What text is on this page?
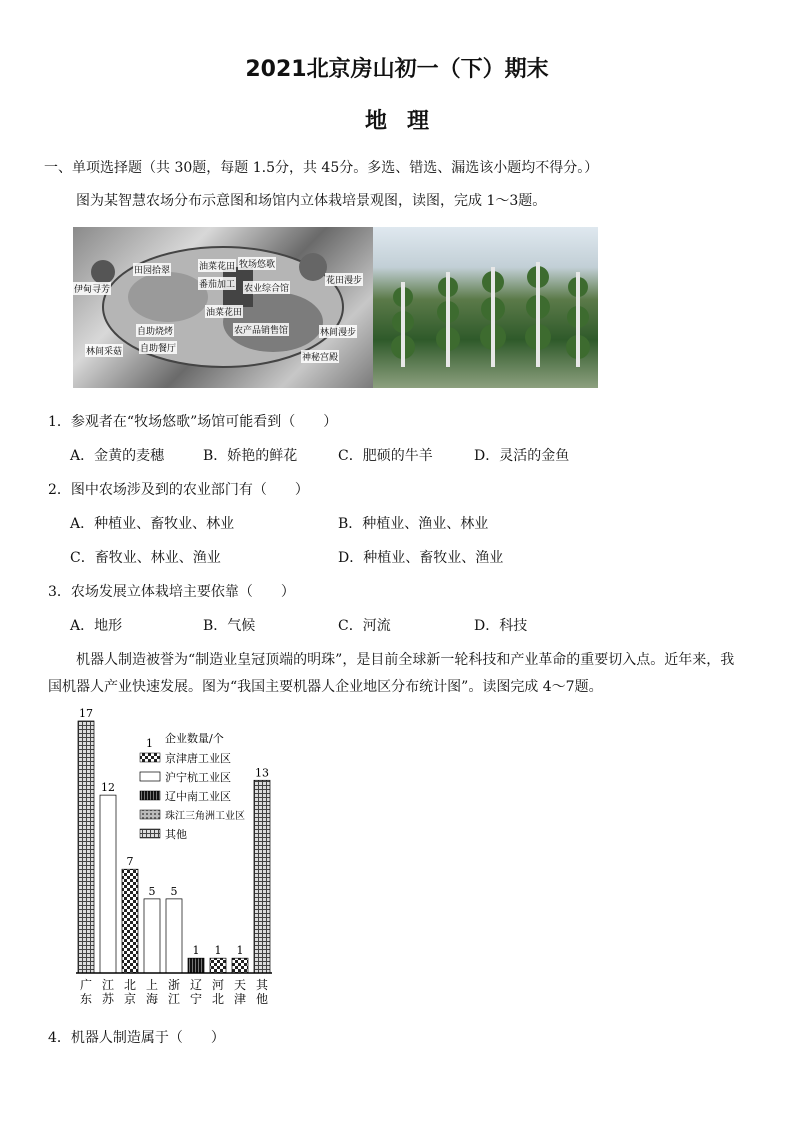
2021北京房山初一（下）期末
地 理
一、单项选择题（共 30题，每题 1.5分，共 45分。多选、错选、漏选该小题均不得分。）
图为某智慧农场分布示意图和场馆内立体栽培景观图，读图，完成 1～3题。
田园拾翠	油菜花田 牧场悠歌
花田漫步
伊甸寻芳	番茄加工 农业综合馆
油菜花田
自助烧烤	农产品销售馆	林间漫步
林间采菇 自助餐厅
神秘宫殿
1．参观者在“牧场悠歌”场馆可能看到（　　）
A．金黄的麦穗	B．娇艳的鲜花	C．肥硕的牛羊	D．灵活的金鱼
2．图中农场涉及到的农业部门有（　　）
A．种植业、畜牧业、林业	B．种植业、渔业、林业
C．畜牧业、林业、渔业	D．种植业、畜牧业、渔业
3．农场发展立体栽培主要依靠（　　）
A．地形	B．气候	C．河流	D．科技
机器人制造被誉为“制造业皇冠顶端的明珠”，是目前全球新一轮科技和产业革命的重要切入点。近年来，我
国机器人产业快速发展。图为“我国主要机器人企业地区分布统计图”。读图完成 4～7题。
17
12
7
5 5
1 1 1
13
广
东
江
苏
北
京
上
海
浙
江
辽
宁
河
北
天
津
其
他
1 企业数量/个
京津唐工业区
沪宁杭工业区
辽中南工业区
珠江三角洲工业区
其他
4．机器人制造属于（　　）
